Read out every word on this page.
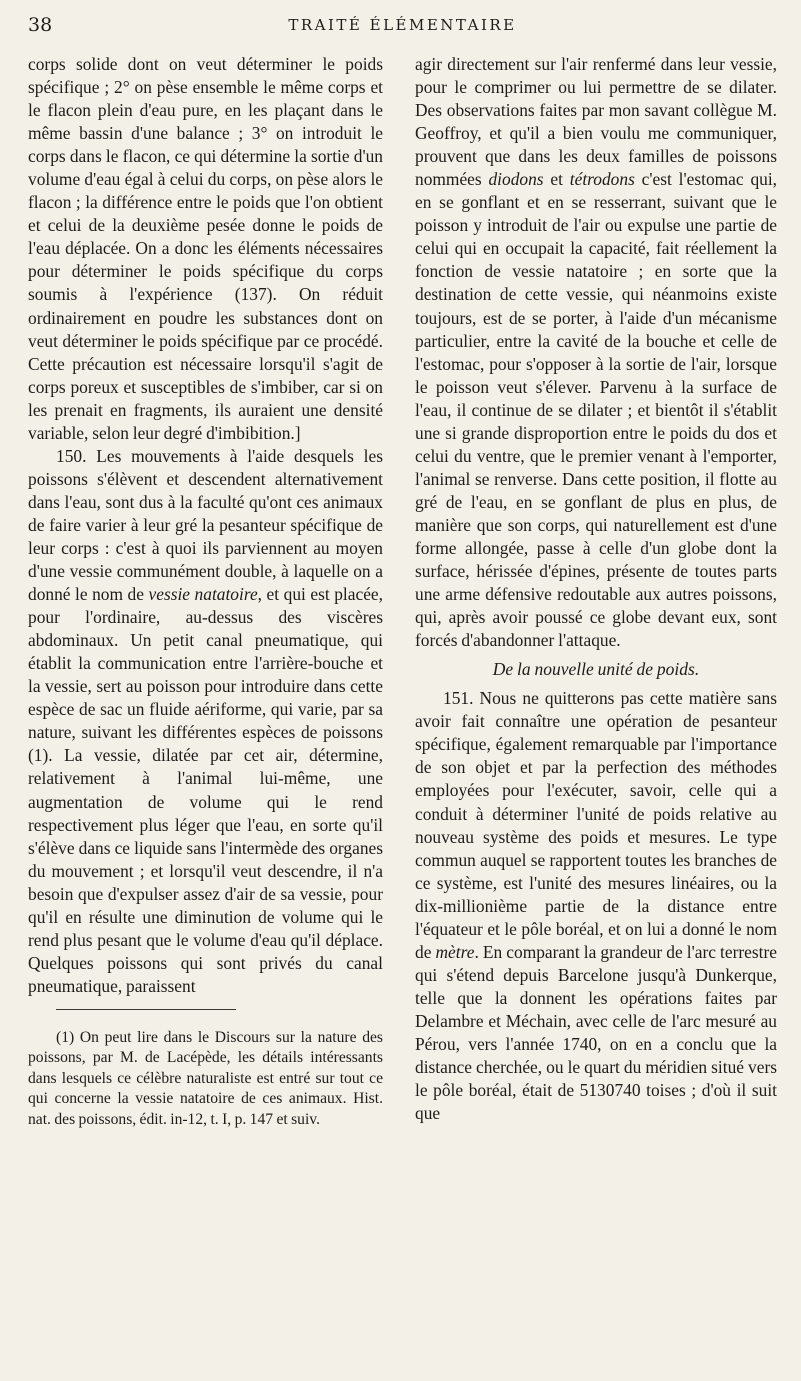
38	TRAITÉ ÉLÉMENTAIRE

corps solide dont on veut déterminer le poids spécifique ; 2° on pèse ensemble le même corps et le flacon plein d'eau pure, en les plaçant dans le même bassin d'une balance ; 3° on introduit le corps dans le flacon, ce qui détermine la sortie d'un volume d'eau égal à celui du corps, on pèse alors le flacon ; la différence entre le poids que l'on obtient et celui de la deuxième pesée donne le poids de l'eau déplacée. On a donc les éléments nécessaires pour déterminer le poids spécifique du corps soumis à l'expérience (137). On réduit ordinairement en poudre les substances dont on veut déterminer le poids spécifique par ce procédé. Cette précaution est nécessaire lorsqu'il s'agit de corps poreux et susceptibles de s'imbiber, car si on les prenait en fragments, ils auraient une densité variable, selon leur degré d'imbibition.]

150. Les mouvements à l'aide desquels les poissons s'élèvent et descendent alternativement dans l'eau, sont dus à la faculté qu'ont ces animaux de faire varier à leur gré la pesanteur spécifique de leur corps : c'est à quoi ils parviennent au moyen d'une vessie communément double, à laquelle on a donné le nom de vessie natatoire, et qui est placée, pour l'ordinaire, au-dessus des viscères abdominaux. Un petit canal pneumatique, qui établit la communication entre l'arrière-bouche et la vessie, sert au poisson pour introduire dans cette espèce de sac un fluide aériforme, qui varie, par sa nature, suivant les différentes espèces de poissons (1). La vessie, dilatée par cet air, détermine, relativement à l'animal lui-même, une augmentation de volume qui le rend respectivement plus léger que l'eau, en sorte qu'il s'élève dans ce liquide sans l'intermède des organes du mouvement ; et lorsqu'il veut descendre, il n'a besoin que d'expulser assez d'air de sa vessie, pour qu'il en résulte une diminution de volume qui le rend plus pesant que le volume d'eau qu'il déplace. Quelques poissons qui sont privés du canal pneumatique, paraissent

(1) On peut lire dans le Discours sur la nature des poissons, par M. de Lacépède, les détails intéressants dans lesquels ce célèbre naturaliste est entré sur tout ce qui concerne la vessie natatoire de ces animaux. Hist. nat. des poissons, édit. in-12, t. I, p. 147 et suiv.

agir directement sur l'air renfermé dans leur vessie, pour le comprimer ou lui permettre de se dilater. Des observations faites par mon savant collègue M. Geoffroy, et qu'il a bien voulu me communiquer, prouvent que dans les deux familles de poissons nommées diodons et tétrodons c'est l'estomac qui, en se gonflant et en se resserrant, suivant que le poisson y introduit de l'air ou expulse une partie de celui qui en occupait la capacité, fait réellement la fonction de vessie natatoire ; en sorte que la destination de cette vessie, qui néanmoins existe toujours, est de se porter, à l'aide d'un mécanisme particulier, entre la cavité de la bouche et celle de l'estomac, pour s'opposer à la sortie de l'air, lorsque le poisson veut s'élever. Parvenu à la surface de l'eau, il continue de se dilater ; et bientôt il s'établit une si grande disproportion entre le poids du dos et celui du ventre, que le premier venant à l'emporter, l'animal se renverse. Dans cette position, il flotte au gré de l'eau, en se gonflant de plus en plus, de manière que son corps, qui naturellement est d'une forme allongée, passe à celle d'un globe dont la surface, hérissée d'épines, présente de toutes parts une arme défensive redoutable aux autres poissons, qui, après avoir poussé ce globe devant eux, sont forcés d'abandonner l'attaque.

De la nouvelle unité de poids.

151. Nous ne quitterons pas cette matière sans avoir fait connaître une opération de pesanteur spécifique, également remarquable par l'importance de son objet et par la perfection des méthodes employées pour l'exécuter, savoir, celle qui a conduit à déterminer l'unité de poids relative au nouveau système des poids et mesures. Le type commun auquel se rapportent toutes les branches de ce système, est l'unité des mesures linéaires, ou la dix-millionième partie de la distance entre l'équateur et le pôle boréal, et on lui a donné le nom de mètre. En comparant la grandeur de l'arc terrestre qui s'étend depuis Barcelone jusqu'à Dunkerque, telle que la donnent les opérations faites par Delambre et Méchain, avec celle de l'arc mesuré au Pérou, vers l'année 1740, on en a conclu que la distance cherchée, ou le quart du méridien situé vers le pôle boréal, était de 5130740 toises ; d'où il suit que
